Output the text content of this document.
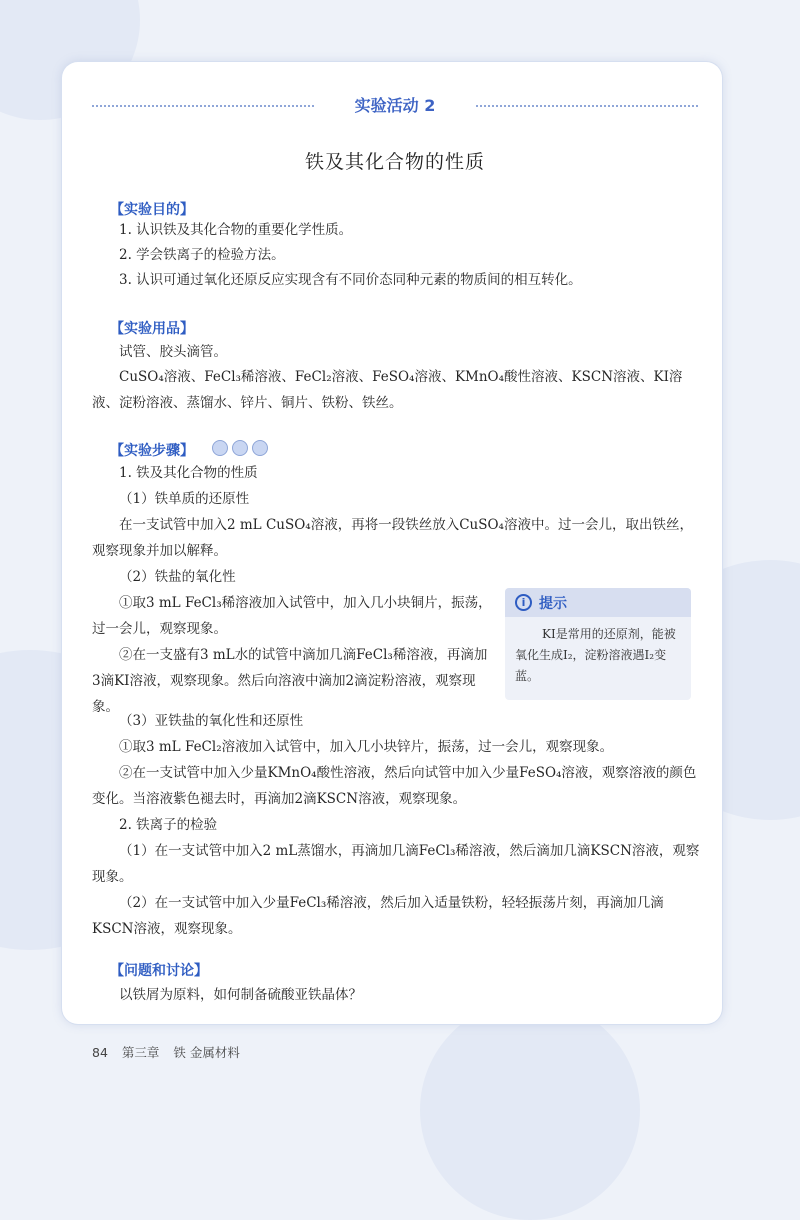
实验活动 2
铁及其化合物的性质
【实验目的】
1. 认识铁及其化合物的重要化学性质。
2. 学会铁离子的检验方法。
3. 认识可通过氧化还原反应实现含有不同价态同种元素的物质间的相互转化。
【实验用品】
试管、胶头滴管。

CuSO₄溶液、FeCl₃稀溶液、FeCl₂溶液、FeSO₄溶液、KMnO₄酸性溶液、KSCN溶液、KI溶液、淀粉溶液、蒸馏水、锌片、铜片、铁粉、铁丝。

【实验步骤】

1. 铁及其化合物的性质

（1）铁单质的还原性

在一支试管中加入2 mL CuSO₄溶液，再将一段铁丝放入CuSO₄溶液中。过一会儿，取出铁丝，观察现象并加以解释。

（2）铁盐的氧化性

①取3 mL FeCl₃稀溶液加入试管中，加入几小块铜片，振荡，过一会儿，观察现象。

②在一支盛有3 mL水的试管中滴加几滴FeCl₃稀溶液，再滴加3滴KI溶液，观察现象。然后向溶液中滴加2滴淀粉溶液，观察现象。

i 提示
KI是常用的还原剂，能被氧化生成I₂，淀粉溶液遇I₂变蓝。

（3）亚铁盐的氧化性和还原性

①取3 mL FeCl₂溶液加入试管中，加入几小块锌片，振荡，过一会儿，观察现象。

②在一支试管中加入少量KMnO₄酸性溶液，然后向试管中加入少量FeSO₄溶液，观察溶液的颜色变化。当溶液紫色褪去时，再滴加2滴KSCN溶液，观察现象。

2. 铁离子的检验

（1）在一支试管中加入2 mL蒸馏水，再滴加几滴FeCl₃稀溶液，然后滴加几滴KSCN溶液，观察现象。

（2）在一支试管中加入少量FeCl₃稀溶液，然后加入适量铁粉，轻轻振荡片刻，再滴加几滴KSCN溶液，观察现象。

【问题和讨论】
以铁屑为原料，如何制备硫酸亚铁晶体？
84 第三章 铁 金属材料
